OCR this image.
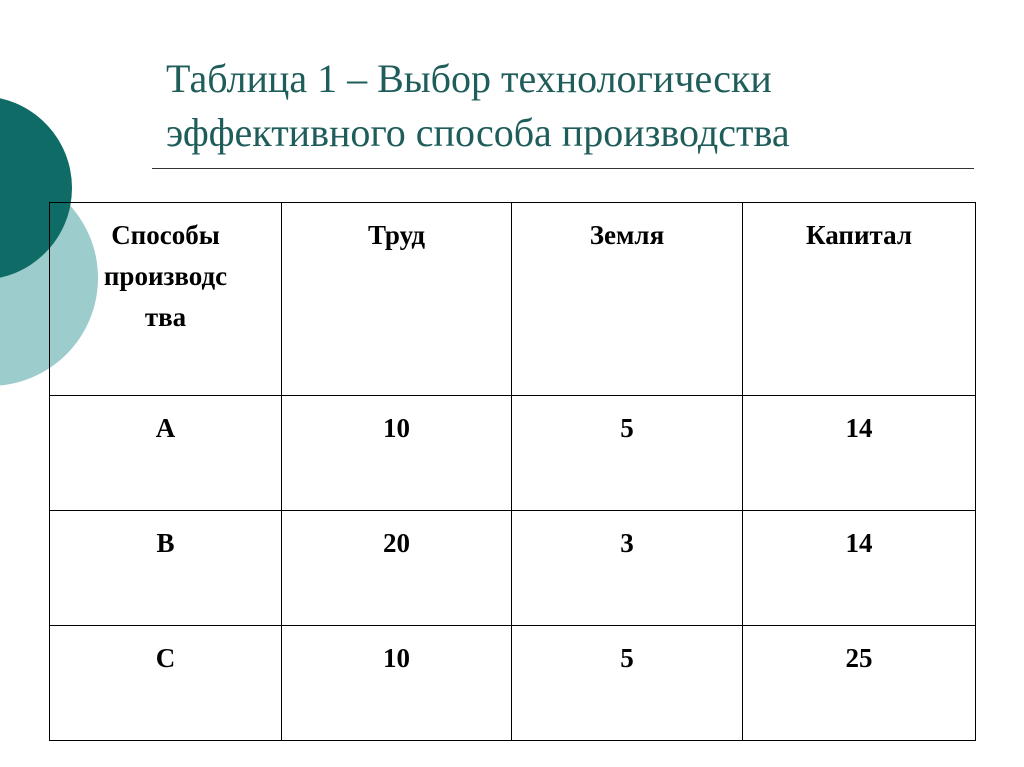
Таблица 1 – Выбор технологически
эффективного способа производства
Способы
производс
тва	Труд	Земля	Капитал
A	10	5	14
B	20	3	14
C	10	5	25
